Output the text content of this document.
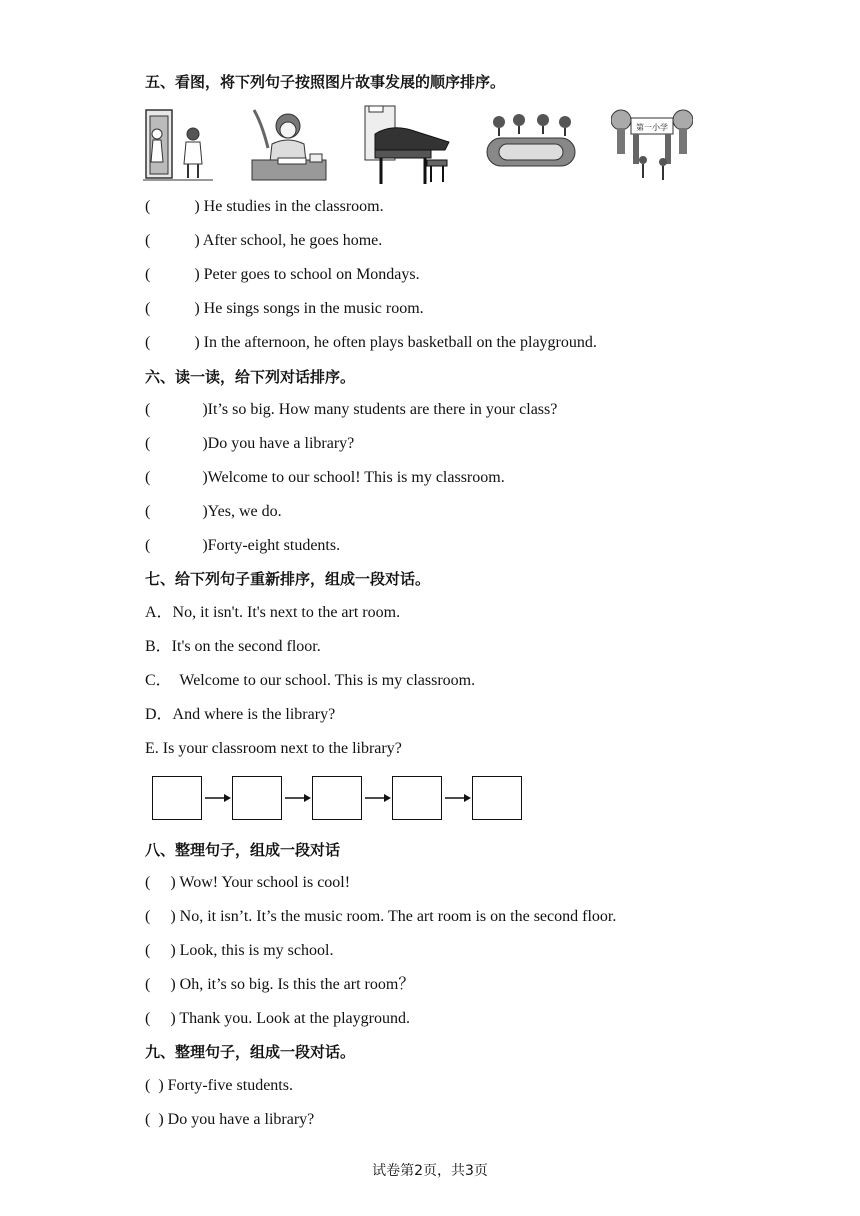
五、看图，将下列句子按照图片故事发展的顺序排序。
第一小学
(           ) He studies in the classroom.
(           ) After school, he goes home.
(           ) Peter goes to school on Mondays.
(           ) He sings songs in the music room.
(           ) In the afternoon, he often plays basketball on the playground.
六、读一读，给下列对话排序。
(             )It’s so big. How many students are there in your class?
(             )Do you have a library?
(             )Welcome to our school! This is my classroom.
(             )Yes, we do.
(             )Forty-eight students.
七、给下列句子重新排序，组成一段对话。
A．No, it isn't. It's next to the art room.
B．It's on the second floor.
C．  Welcome to our school. This is my classroom.
D．And where is the library?
E. Is your classroom next to the library?
八、整理句子，组成一段对话
(     ) Wow! Your school is cool!
(     ) No, it isn’t. It’s the music room. The art room is on the second floor.
(     ) Look, this is my school.
(     ) Oh, it’s so big. Is this the art room？
(     ) Thank you. Look at the playground.
九、整理句子，组成一段对话。
(  ) Forty-five students.
(  ) Do you have a library?
试卷第2页，共3页
